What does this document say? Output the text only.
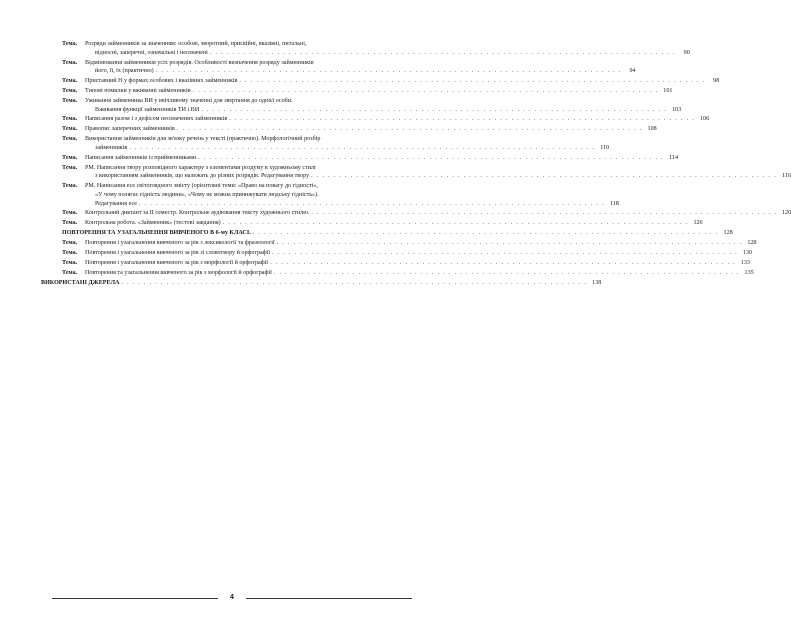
Тема.	Розряди займенників за значенням: особові, зворотний, присвійні, вказівні, питальні,
відносні, заперечні, означальні і неозначені . . . . . . . . . . . . . . . . . . . . . . . . . . . . . . . . . . . . . . . . . . . . . . . . . . . . . . . . . . . . . . . . . . . . . . . . . . . . . . . . . . .	90
Тема.	Відмінювання займенників усіх розрядів. Особливості визначення розряду займенників
його, її, їх (практично) . . . . . . . . . . . . . . . . . . . . . . . . . . . . . . . . . . . . . . . . . . . . . . . . . . . . . . . . . . . . . . . . . . . . . . . . . . . . . . . . . . .	94
Тема.	Приставний Н у формах особових і вказівних займенників . . . . . . . . . . . . . . . . . . . . . . . . . . . . . . . . . . . . . . . . . . . . . . . . . . . . . . . . . . . . . . . . . . . . . . . . . . . . . . . . . . .	98
Тема.	Типові помилки у вживанні займенників . . . . . . . . . . . . . . . . . . . . . . . . . . . . . . . . . . . . . . . . . . . . . . . . . . . . . . . . . . . . . . . . . . . . . . . . . . . . . . . . . . . 101
Тема.	Уживання займенника ВИ у ввічливому значенні для звертання до однієї особи.
Вживання функції займенників ТИ і ВИ . . . . . . . . . . . . . . . . . . . . . . . . . . . . . . . . . . . . . . . . . . . . . . . . . . . . . . . . . . . . . . . . . . . . . . . . . . . . . . . . . . . 103
Тема.	Написання разом і з дефісом неозначених займенників . . . . . . . . . . . . . . . . . . . . . . . . . . . . . . . . . . . . . . . . . . . . . . . . . . . . . . . . . . . . . . . . . . . . . . . . . . . . . . . . . . . 106
Тема.	Правопис заперечних займенників . . . . . . . . . . . . . . . . . . . . . . . . . . . . . . . . . . . . . . . . . . . . . . . . . . . . . . . . . . . . . . . . . . . . . . . . . . . . . . . . . . . 108
Тема.	Використання займенників для зв'язку речень у тексті (практично). Морфологічний розбір
займенників . . . . . . . . . . . . . . . . . . . . . . . . . . . . . . . . . . . . . . . . . . . . . . . . . . . . . . . . . . . . . . . . . . . . . . . . . . . . . . . . . . . 110
Тема.	Написання займенників із прийменниками . . . . . . . . . . . . . . . . . . . . . . . . . . . . . . . . . . . . . . . . . . . . . . . . . . . . . . . . . . . . . . . . . . . . . . . . . . . . . . . . . . . 114
Тема.	РМ. Написання твору розповідного характеру з елементами роздуму в художньому стилі
з використанням займенників, що належать до різних розрядів. Редагування твору . . . . . . . . . . . . . . . . . . . . . . . . . . . . . . . . . . . . . . . . . . . . . . . . . . . . . . . . . . . . . . . . . . . . . . . . . . . . . . . . . . . 116
Тема.	РМ. Написання есе світоглядного змісту (орієнтовні теми: «Право на повагу до гідності»,
«У чому полягає гідність людини», «Чому не можна принижувати людську гідність»).
Редагування есе . . . . . . . . . . . . . . . . . . . . . . . . . . . . . . . . . . . . . . . . . . . . . . . . . . . . . . . . . . . . . . . . . . . . . . . . . . . . . . . . . . . 118
Тема.	Контрольний диктант за II семестр. Контрольне аудіювання тексту художнього стилю. . . . . . . . . . . . . . . . . . . . . . . . . . . . . . . . . . . . . . . . . . . . . . . . . . . . . . . . . . . . . . . . . . . . . . . . . . . . . . . . . . . . 120
Тема.	Контрольна робота. «Займенник» (тестові завдання) . . . . . . . . . . . . . . . . . . . . . . . . . . . . . . . . . . . . . . . . . . . . . . . . . . . . . . . . . . . . . . . . . . . . . . . . . . . . . . . . . . . 126
ПОВТОРЕННЯ ТА УЗАГАЛЬНЕННЯ ВИВЧЕНОГО В 6-му КЛАСІ. . . . . . . . . . . . . . . . . . . . . . . . . . . . . . . . . . . . . . . . . . . . . . . . . . . . . . . . . . . . . . . . . . . . . . . . . . . . . . . . . . . . 128
Тема.	Повторення і узагальнення вивченого за рік з лексикології та фразеології . . . . . . . . . . . . . . . . . . . . . . . . . . . . . . . . . . . . . . . . . . . . . . . . . . . . . . . . . . . . . . . . . . . . . . . . . . . . . . . . . . . 128
Тема.	Повторення і узагальнення вивченого за рік зі словотвору й орфографії . . . . . . . . . . . . . . . . . . . . . . . . . . . . . . . . . . . . . . . . . . . . . . . . . . . . . . . . . . . . . . . . . . . . . . . . . . . . . . . . . . . 130
Тема.	Повторення і узагальнення вивченого за рік з морфології й орфографії . . . . . . . . . . . . . . . . . . . . . . . . . . . . . . . . . . . . . . . . . . . . . . . . . . . . . . . . . . . . . . . . . . . . . . . . . . . . . . . . . . . 133
Тема.	Повторення та узагальнення вивченого за рік з морфології й орфографії . . . . . . . . . . . . . . . . . . . . . . . . . . . . . . . . . . . . . . . . . . . . . . . . . . . . . . . . . . . . . . . . . . . . . . . . . . . . . . . . . . . 135
ВИКОРИСТАНІ ДЖЕРЕЛА . . . . . . . . . . . . . . . . . . . . . . . . . . . . . . . . . . . . . . . . . . . . . . . . . . . . . . . . . . . . . . . . . . . . . . . . . . . . . . . . . . . 138
4
